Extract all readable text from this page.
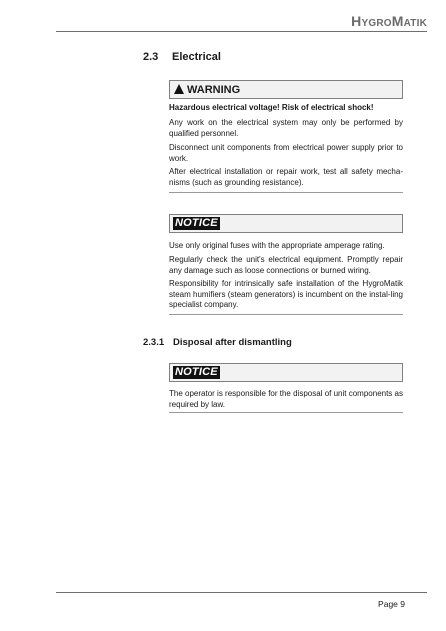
HYGROMATIK
2.3 Electrical
WARNING

Hazardous electrical voltage! Risk of electrical shock!

Any work on the electrical system may only be performed by qualified personnel.

Disconnect unit components from electrical power supply prior to work.

After electrical installation or repair work, test all safety mecha-nisms (such as grounding resistance).

NOTICE

Use only original fuses with the appropriate amperage rating.

Regularly check the unit's electrical equipment. Promptly repair any damage such as loose connections or burned wiring.

Responsibility for intrinsically safe installation of the HygroMatik steam humifiers (steam generators) is incumbent on the instal-ling specialist company.

2.3.1 Disposal after dismantling
NOTICE

The operator is responsible for the disposal of unit components as required by law.

Page 9
